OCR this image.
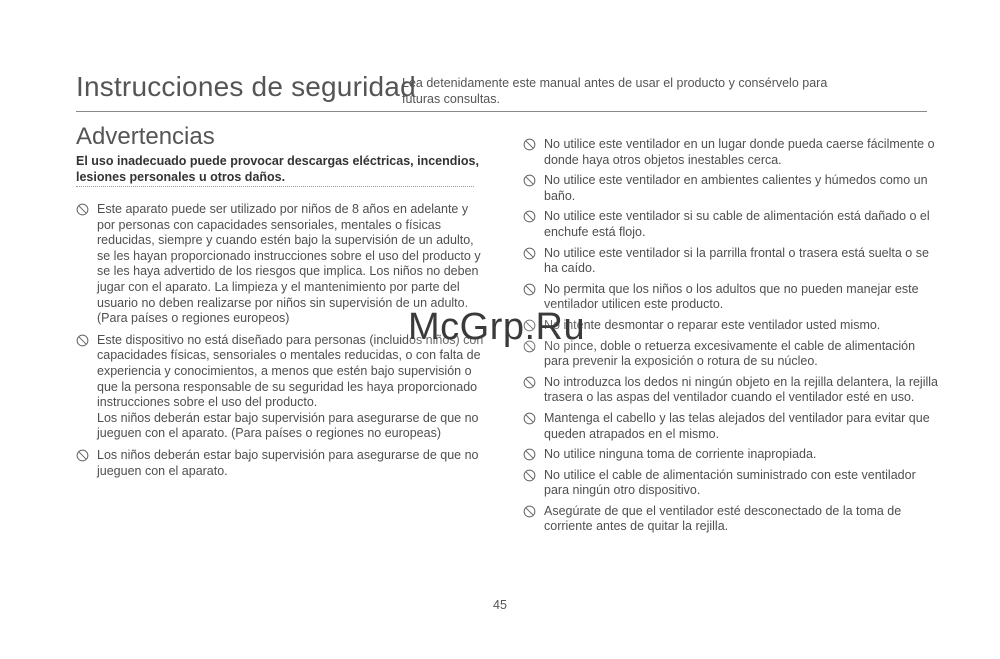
Instrucciones de seguridad
Lea detenidamente este manual antes de usar el producto y consérvelo para futuras consultas.
Advertencias
El uso inadecuado puede provocar descargas eléctricas, incendios, lesiones personales u otros daños.
Este aparato puede ser utilizado por niños de 8 años en adelante y por personas con capacidades sensoriales, mentales o físicas reducidas, siempre y cuando estén bajo la supervisión de un adulto, se les hayan proporcionado instrucciones sobre el uso del producto y se les haya advertido de los riesgos que implica. Los niños no deben jugar con el aparato. La limpieza y el mantenimiento por parte del usuario no deben realizarse por niños sin supervisión de un adulto. (Para países o regiones europeos)
Este dispositivo no está diseñado para personas (incluidos niños) con capacidades físicas, sensoriales o mentales reducidas, o con falta de experiencia y conocimientos, a menos que estén bajo supervisión o que la persona responsable de su seguridad les haya proporcionado instrucciones sobre el uso del producto.
Los niños deberán estar bajo supervisión para asegurarse de que no jueguen con el aparato. (Para países o regiones no europeas)
Los niños deberán estar bajo supervisión para asegurarse de que no jueguen con el aparato.
No utilice este ventilador en un lugar donde pueda caerse fácilmente o donde haya otros objetos inestables cerca.
No utilice este ventilador en ambientes calientes y húmedos como un baño.
No utilice este ventilador si su cable de alimentación está dañado o el enchufe está flojo.
No utilice este ventilador si la parrilla frontal o trasera está suelta o se ha caído.
No permita que los niños o los adultos que no pueden manejar este ventilador utilicen este producto.
No intente desmontar o reparar este ventilador usted mismo.
No pince, doble o retuerza excesivamente el cable de alimentación para prevenir la exposición o rotura de su núcleo.
No introduzca los dedos ni ningún objeto en la rejilla delantera, la rejilla trasera o las aspas del ventilador cuando el ventilador esté en uso.
Mantenga el cabello y las telas alejados del ventilador para evitar que queden atrapados en el mismo.
No utilice ninguna toma de corriente inapropiada.
No utilice el cable de alimentación suministrado con este ventilador para ningún otro dispositivo.
Asegúrate de que el ventilador esté desconectado de la toma de corriente antes de quitar la rejilla.
McGrp.Ru
45
